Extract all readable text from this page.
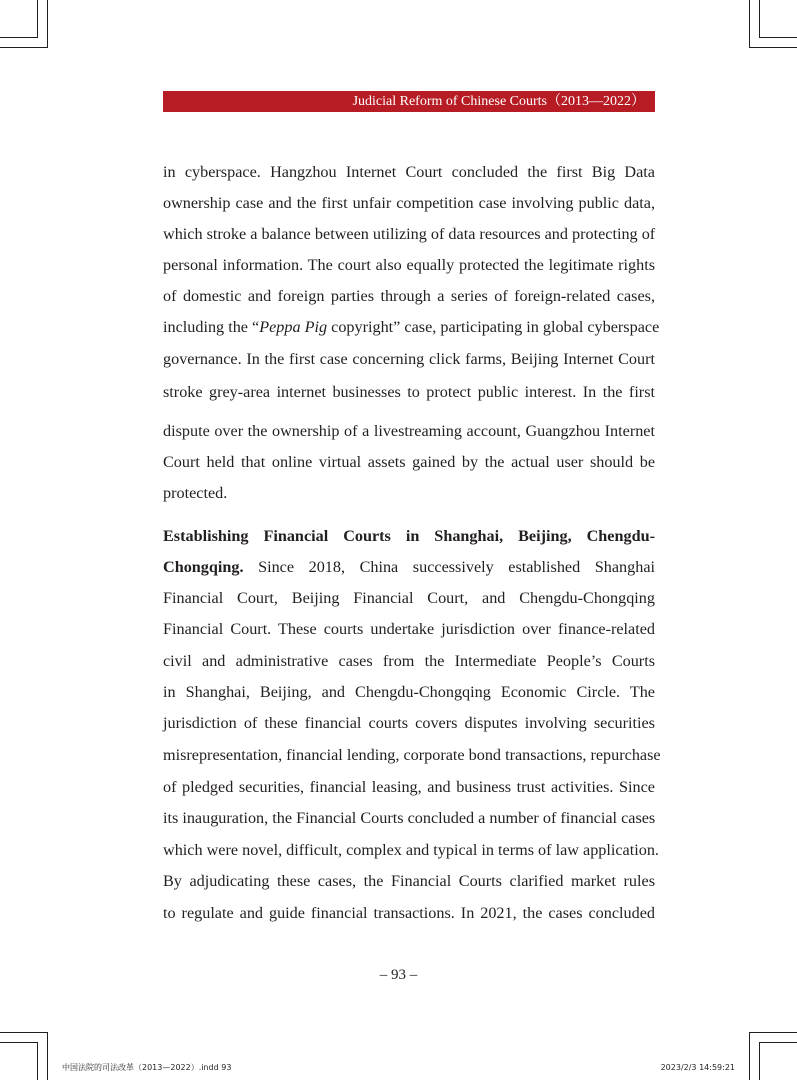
Judicial Reform of Chinese Courts（2013—2022）
in cyberspace. Hangzhou Internet Court concluded the first Big Data
ownership case and the first unfair competition case involving public data,
which stroke a balance between utilizing of data resources and protecting of
personal information. The court also equally protected the legitimate rights
of domestic and foreign parties through a series of foreign-related cases,
including the “Peppa Pig copyright” case, participating in global cyberspace
governance. In the first case concerning click farms, Beijing Internet Court
stroke grey-area internet businesses to protect public interest. In the first
dispute over the ownership of a livestreaming account, Guangzhou Internet
Court held that online virtual assets gained by the actual user should be
protected.
Establishing Financial Courts in Shanghai, Beijing, Chengdu-
Chongqing. Since 2018, China successively established Shanghai
Financial Court, Beijing Financial Court, and Chengdu-Chongqing
Financial Court. These courts undertake jurisdiction over finance-related
civil and administrative cases from the Intermediate People’s Courts
in Shanghai, Beijing, and Chengdu-Chongqing Economic Circle. The
jurisdiction of these financial courts covers disputes involving securities
misrepresentation, financial lending, corporate bond transactions, repurchase
of pledged securities, financial leasing, and business trust activities. Since
its inauguration, the Financial Courts concluded a number of financial cases
which were novel, difficult, complex and typical in terms of law application.
By adjudicating these cases, the Financial Courts clarified market rules
to regulate and guide financial transactions. In 2021, the cases concluded
– 93 –
中国法院的司法改革（2013—2022）.indd 93	2023/2/3 14:59:21
